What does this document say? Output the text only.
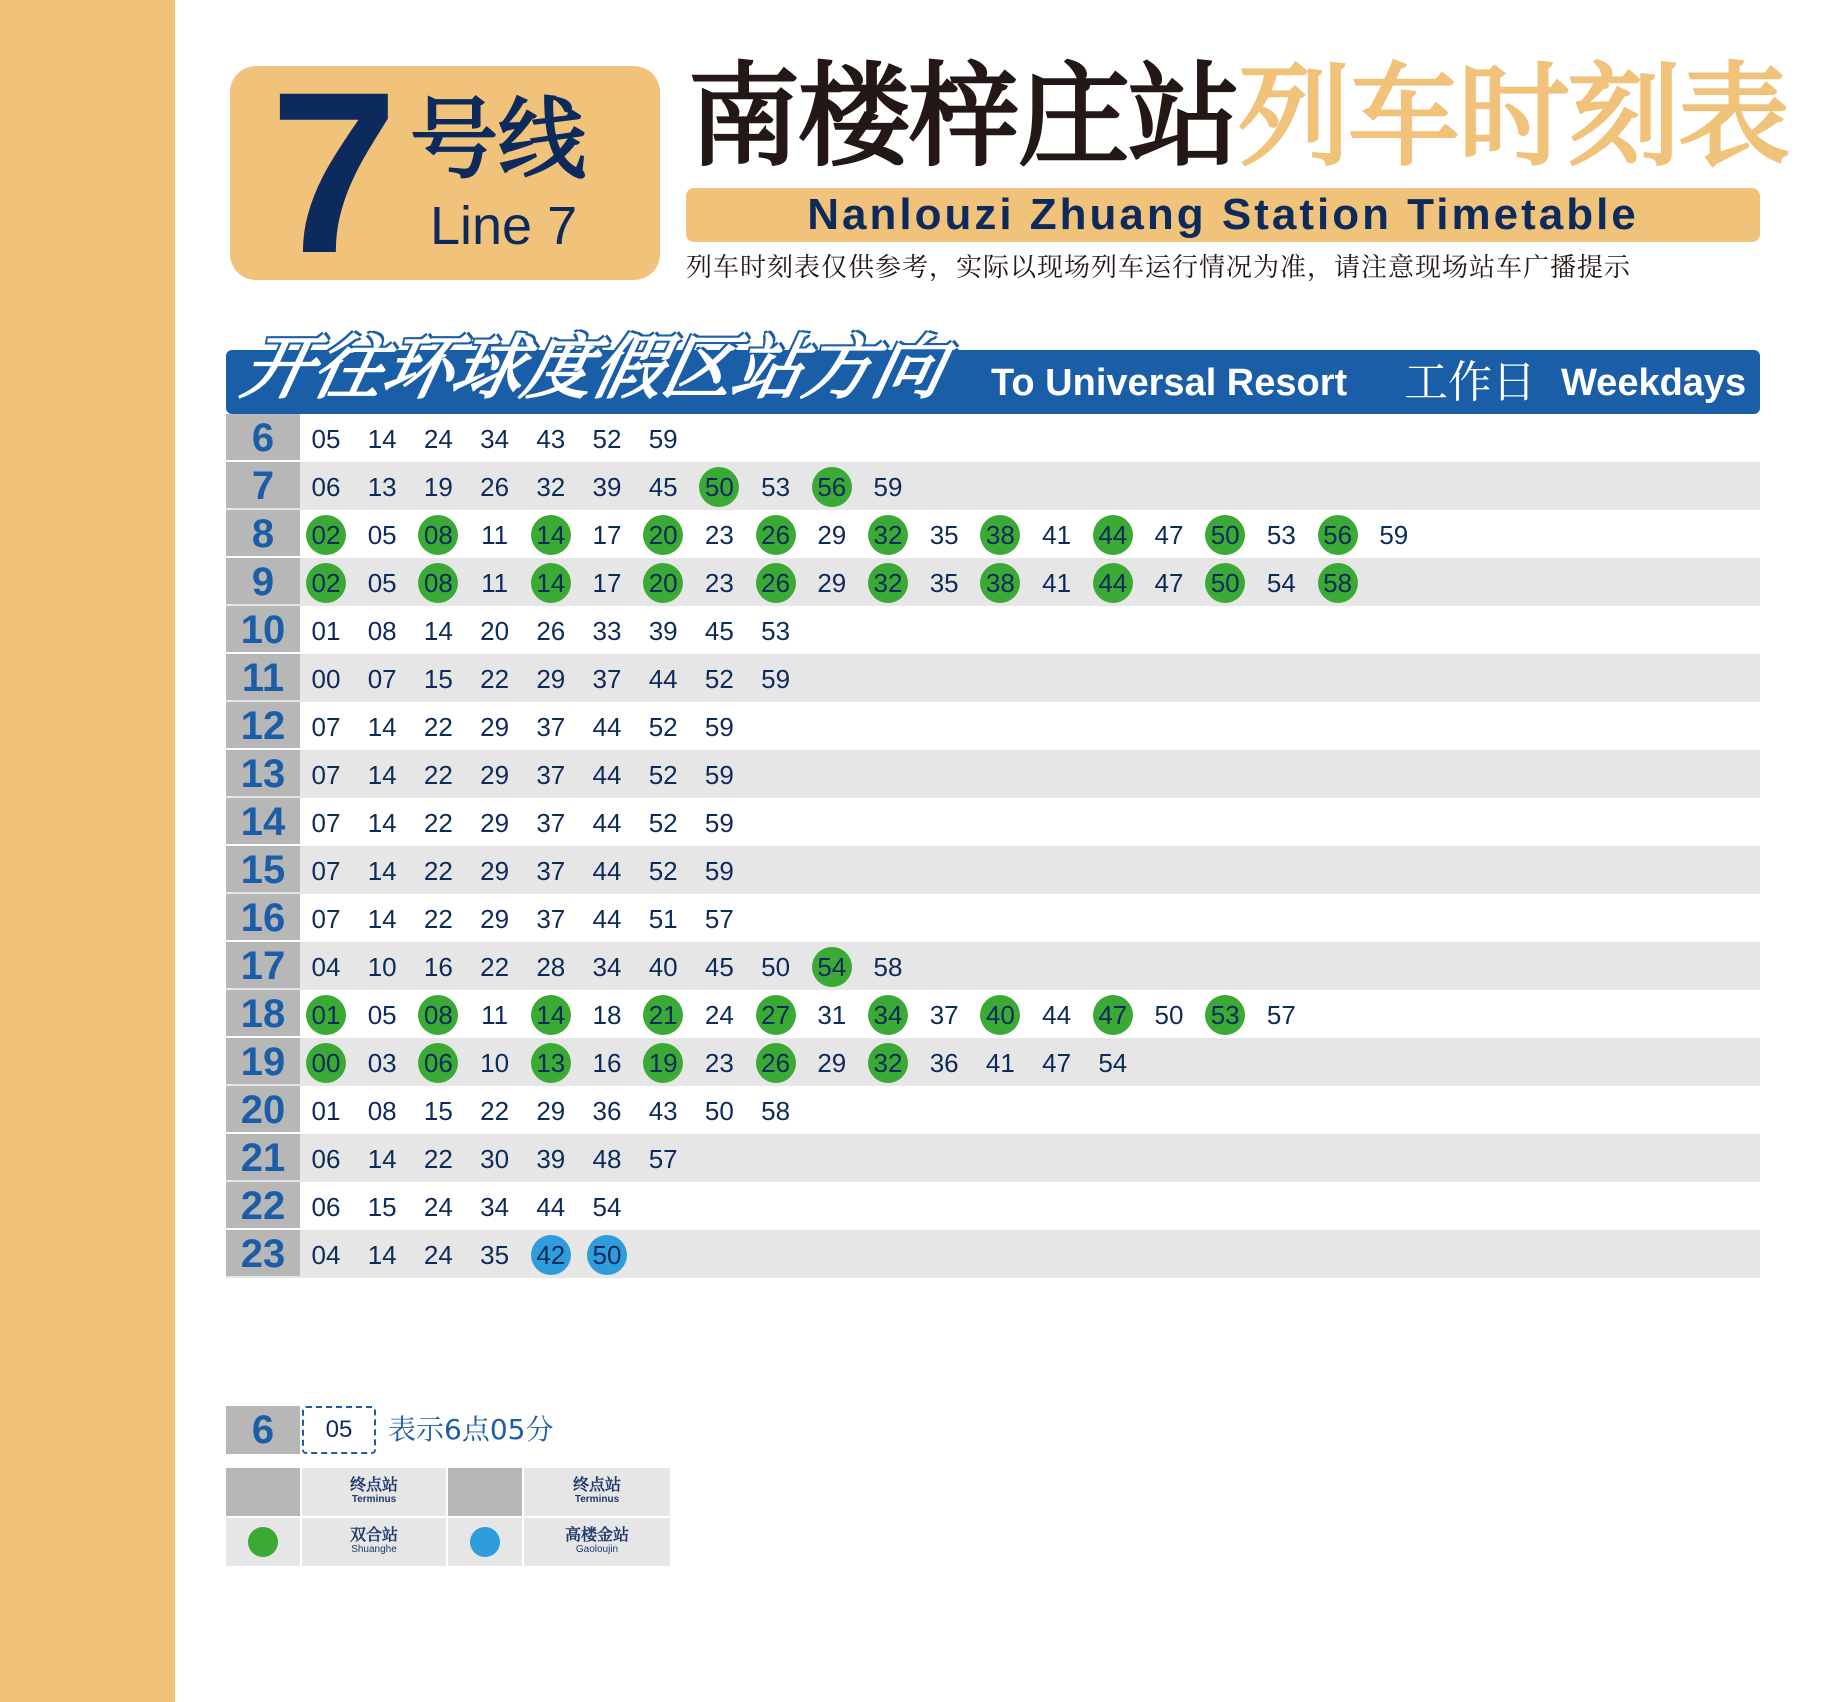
7 号线
Line 7
南楼梓庄站列车时刻表
Nanlouzi Zhuang Station Timetable
列车时刻表仅供参考，实际以现场列车运行情况为准，请注意现场站车广播提示
开往环球度假区站方向 To Universal Resort 工作日 Weekdays
6	05 14 24 34 43 52 59
7	06 13 19 26 32 39 45 50 53 56 59
8	02 05 08 11 14 17 20 23 26 29 32 35 38 41 44 47 50 53 56 59
9	02 05 08 11 14 17 20 23 26 29 32 35 38 41 44 47 50 54 58
10	01 08 14 20 26 33 39 45 53
11	00 07 15 22 29 37 44 52 59
12	07 14 22 29 37 44 52 59
13	07 14 22 29 37 44 52 59
14	07 14 22 29 37 44 52 59
15	07 14 22 29 37 44 52 59
16	07 14 22 29 37 44 51 57
17	04 10 16 22 28 34 40 45 50 54 58
18	01 05 08 11 14 18 21 24 27 31 34 37 40 44 47 50 53 57
19	00 03 06 10 13 16 19 23 26 29 32 36 41 47 54
20	01 08 15 22 29 36 43 50 58
21	06 14 22 30 39 48 57
22	06 15 24 34 44 54
23	04 14 24 35 42 50
6	05	表示6点05分
终点站
Terminus
终点站
Terminus
双合站
Shuanghe
高楼金站
Gaoloujin
